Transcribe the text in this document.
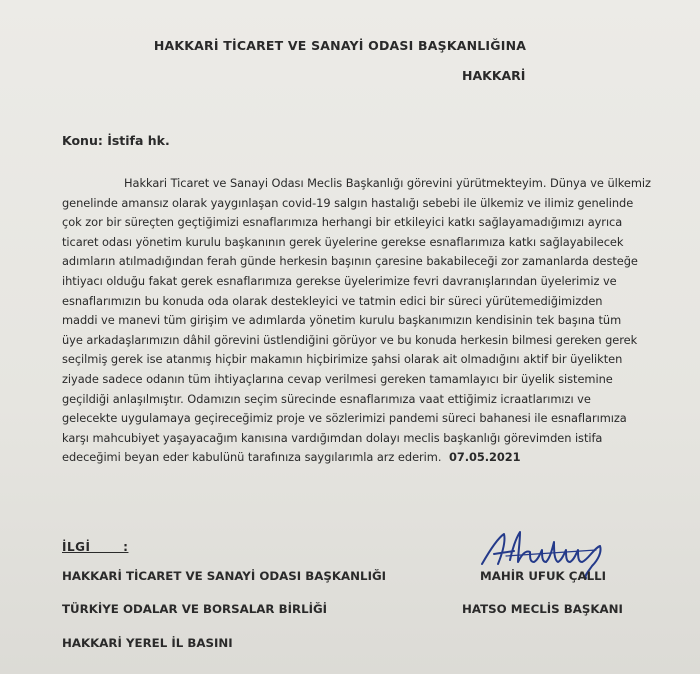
HAKKARİ TİCARET VE SANAYİ ODASI BAŞKANLIĞINA
HAKKARİ
Konu: İstifa hk.
Hakkari Ticaret ve Sanayi Odası Meclis Başkanlığı görevini yürütmekteyim. Dünya ve ülkemiz
genelinde amansız olarak yaygınlaşan covid-19 salgın hastalığı sebebi ile ülkemiz ve ilimiz genelinde
çok zor bir süreçten geçtiğimizi esnaflarımıza herhangi bir etkileyici katkı sağlayamadığımızı ayrıca
ticaret odası yönetim kurulu başkanının gerek üyelerine gerekse esnaflarımıza katkı sağlayabilecek
adımların atılmadığından ferah günde herkesin başının çaresine bakabileceği zor zamanlarda desteğe
ihtiyacı olduğu fakat gerek esnaflarımıza gerekse üyelerimize fevri davranışlarından üyelerimiz ve
esnaflarımızın bu konuda oda olarak destekleyici ve tatmin edici bir süreci yürütemediğimizden
maddi ve manevi tüm girişim ve adımlarda yönetim kurulu başkanımızın kendisinin tek başına tüm
üye arkadaşlarımızın dâhil görevini üstlendiğini görüyor ve bu konuda herkesin bilmesi gereken gerek
seçilmiş gerek ise atanmış hiçbir makamın hiçbirimize şahsi olarak ait olmadığını aktif bir üyelikten
ziyade sadece odanın tüm ihtiyaçlarına cevap verilmesi gereken tamamlayıcı bir üyelik sistemine
geçildiği anlaşılmıştır. Odamızın seçim sürecinde esnaflarımıza vaat ettiğimiz icraatlarımızı ve
gelecekte uygulamaya geçireceğimiz proje ve sözlerimizi pandemi süreci bahanesi ile esnaflarımıza
karşı mahcubiyet yaşayacağım kanısına vardığımdan dolayı meclis başkanlığı görevimden istifa
edeceğimi beyan eder kabulünü tarafınıza saygılarımla arz ederim. 07.05.2021
İLGİ       :
HAKKARİ TİCARET VE SANAYİ ODASI BAŞKANLIĞI
TÜRKİYE ODALAR VE BORSALAR BİRLİĞİ
HAKKARİ YEREL İL BASINI
MAHİR UFUK ÇALLI
HATSO MECLİS BAŞKANI
